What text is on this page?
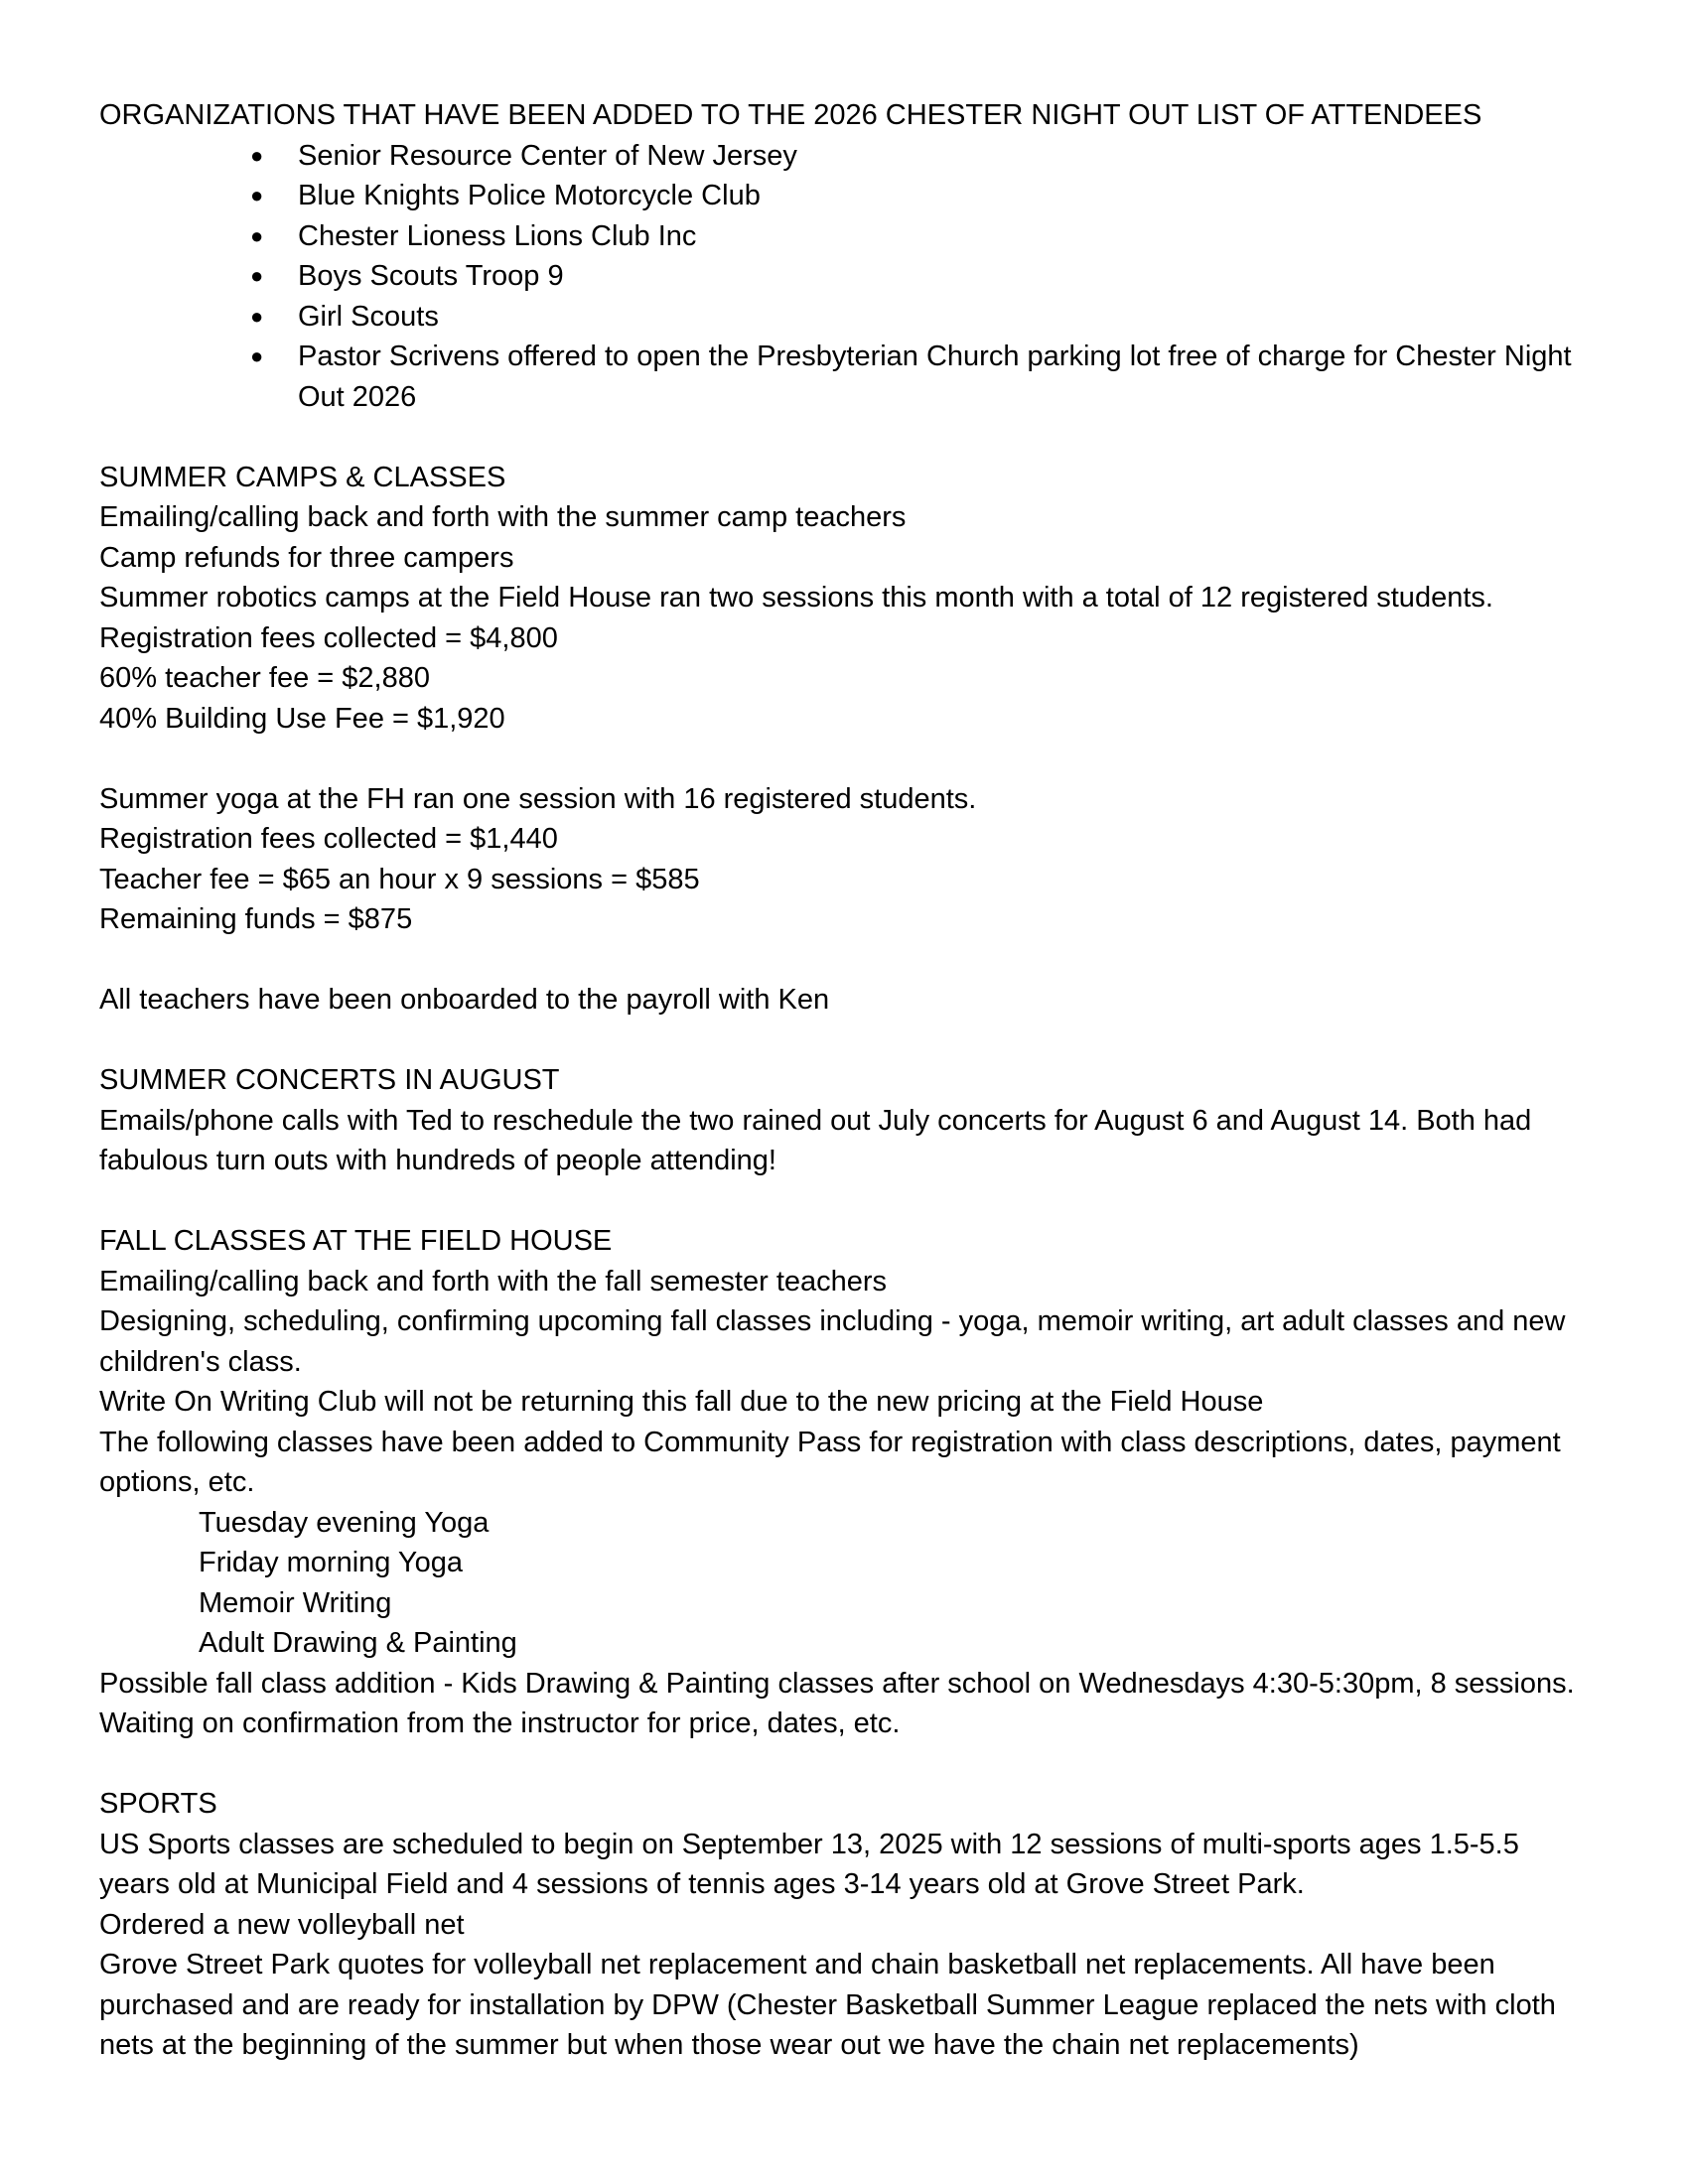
ORGANIZATIONS THAT HAVE BEEN ADDED TO THE 2026 CHESTER NIGHT OUT LIST OF ATTENDEES

● Senior Resource Center of New Jersey
● Blue Knights Police Motorcycle Club
● Chester Lioness Lions Club Inc
● Boys Scouts Troop 9
● Girl Scouts
● Pastor Scrivens offered to open the Presbyterian Church parking lot free of charge for Chester Night Out 2026

SUMMER CAMPS & CLASSES

Emailing/calling back and forth with the summer camp teachers

Camp refunds for three campers

Summer robotics camps at the Field House ran two sessions this month with a total of 12 registered students.

Registration fees collected = $4,800

60% teacher fee = $2,880

40% Building Use Fee = $1,920

Summer yoga at the FH ran one session with 16 registered students.

Registration fees collected = $1,440

Teacher fee = $65 an hour x 9 sessions = $585

Remaining funds = $875

All teachers have been onboarded to the payroll with Ken

SUMMER CONCERTS IN AUGUST

Emails/phone calls with Ted to reschedule the two rained out July concerts for August 6 and August 14. Both had fabulous turn outs with hundreds of people attending!

FALL CLASSES AT THE FIELD HOUSE

Emailing/calling back and forth with the fall semester teachers

Designing, scheduling, confirming upcoming fall classes including - yoga, memoir writing, art adult classes and new children's class.

Write On Writing Club will not be returning this fall due to the new pricing at the Field House

The following classes have been added to Community Pass for registration with class descriptions, dates, payment options, etc.

Tuesday evening Yoga

Friday morning Yoga

Memoir Writing

Adult Drawing & Painting

Possible fall class addition - Kids Drawing & Painting classes after school on Wednesdays 4:30-5:30pm, 8 sessions. Waiting on confirmation from the instructor for price, dates, etc.

SPORTS

US Sports classes are scheduled to begin on September 13, 2025 with 12 sessions of multi-sports ages 1.5-5.5 years old at Municipal Field and 4 sessions of tennis ages 3-14 years old at Grove Street Park.

Ordered a new volleyball net

Grove Street Park quotes for volleyball net replacement and chain basketball net replacements. All have been purchased and are ready for installation by DPW (Chester Basketball Summer League replaced the nets with cloth nets at the beginning of the summer but when those wear out we have the chain net replacements)
